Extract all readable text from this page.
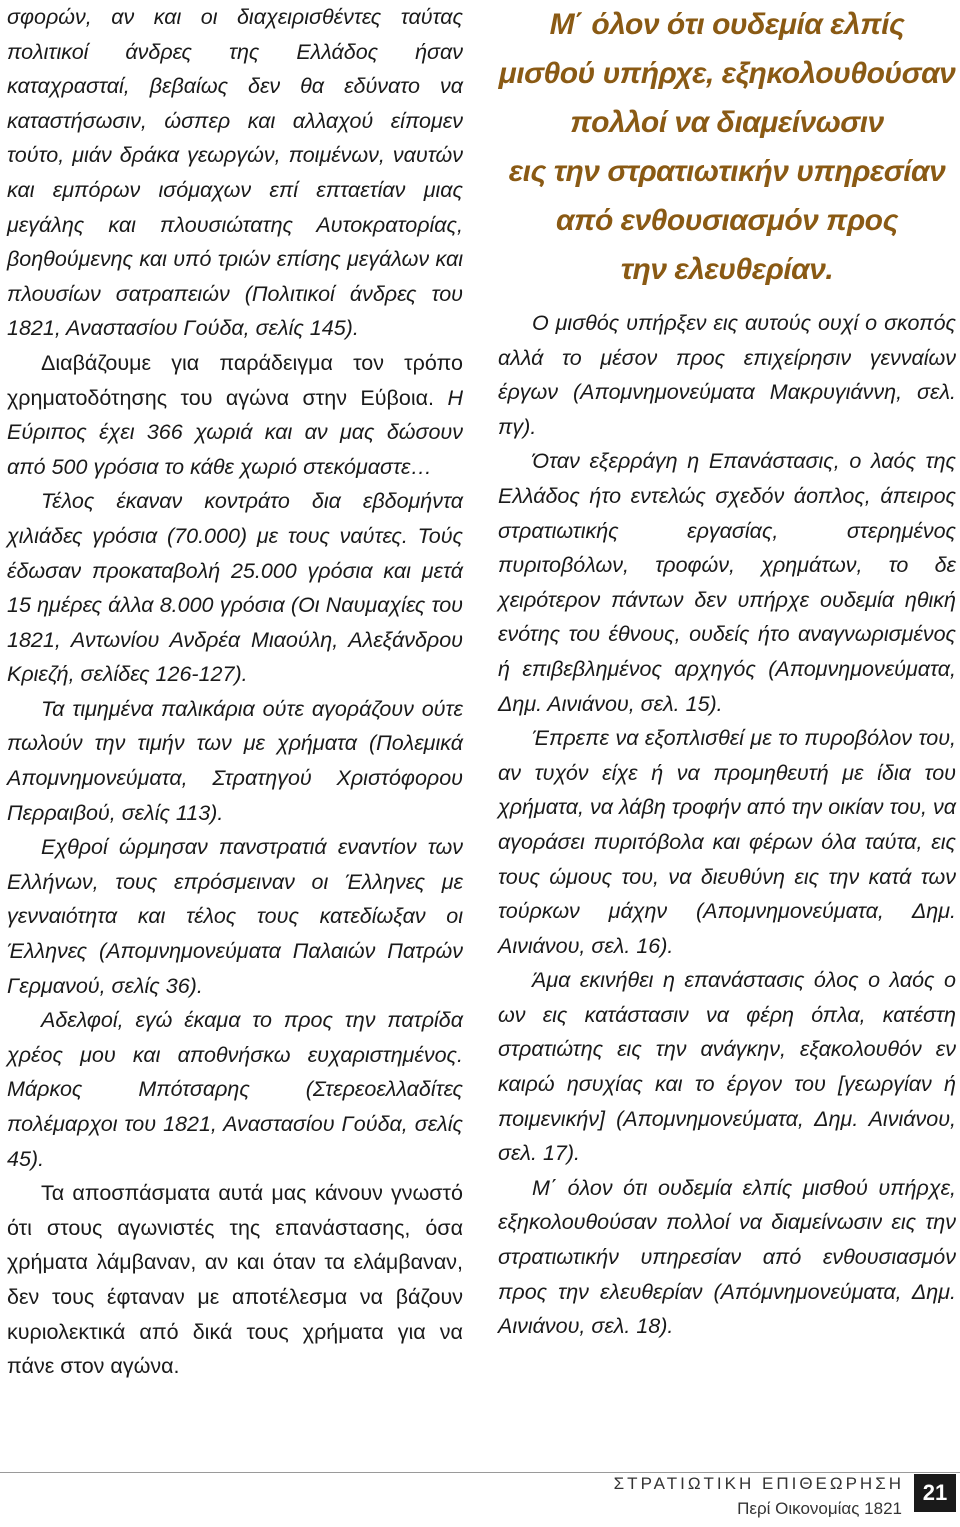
σφορών, αν και οι διαχειρισθέντες ταύτας πολιτικοί άνδρες της Ελλάδος ήσαν καταχρασταί, βεβαίως δεν θα εδύνατο να καταστήσωσιν, ώσπερ και αλλαχού είπομεν τούτο, μιάν δράκα γεωργών, ποιμένων, ναυτών και εμπόρων ισόμαχων επί επταετίαν μιας μεγάλης και πλουσιώτατης Αυτοκρατορίας, βοηθούμενης και υπό τριών επίσης μεγάλων και πλουσίων σατραπειών (Πολιτικοί άνδρες του 1821, Αναστασίου Γούδα, σελίς 145).

Διαβάζουμε για παράδειγμα τον τρόπο χρηματοδότησης του αγώνα στην Εύβοια. Η Εύριπος έχει 366 χωριά και αν μας δώσουν από 500 γρόσια το κάθε χωριό στεκόμαστε…

Τέλος έκαναν κοντράτο δια εβδομήντα χιλιάδες γρόσια (70.000) με τους ναύτες. Τούς έδωσαν προκαταβολή 25.000 γρόσια και μετά 15 ημέρες άλλα 8.000 γρόσια (Οι Ναυμαχίες του 1821, Αντωνίου Ανδρέα Μιαούλη, Αλεξάνδρου Κριεζή, σελίδες 126-127).

Τα τιμημένα παλικάρια ούτε αγοράζουν ούτε πωλούν την τιμήν των με χρήματα (Πολεμικά Απομνημονεύματα, Στρατηγού Χριστόφορου Περραιβού, σελίς 113).

Εχθροί ώρμησαν πανστρατιά εναντίον των Ελλήνων, τους επρόσμειναν οι Έλληνες με γενναιότητα και τέλος τους κατεδίωξαν οι Έλληνες (Απομνημονεύματα Παλαιών Πατρών Γερμανού, σελίς 36).

Αδελφοί, εγώ έκαμα το προς την πατρίδα χρέος μου και αποθνήσκω ευχαριστημένος. Μάρκος Μπότσαρης (Στερεοελλαδίτες πολέμαρχοι του 1821, Αναστασίου Γούδα, σελίς 45).

Τα αποσπάσματα αυτά μας κάνουν γνωστό ότι στους αγωνιστές της επανάστασης, όσα χρήματα λάμβαναν, αν και όταν τα ελάμβαναν, δεν τους έφταναν με αποτέλεσμα να βάζουν κυριολεκτικά από δικά τους χρήματα για να πάνε στον αγώνα.

Μ΄ όλον ότι ουδεμία ελπίς
μισθού υπήρχε, εξηκολουθούσαν
πολλοί να διαμείνωσιν
εις την στρατιωτικήν υπηρεσίαν
από ενθουσιασμόν προς
την ελευθερίαν.

Ο μισθός υπήρξεν εις αυτούς ουχί ο σκοπός αλλά το μέσον προς επιχείρησιν γενναίων έργων (Απομνημονεύματα Μακρυγιάννη, σελ. πγ).

Όταν εξερράγη η Επανάστασις, ο λαός της Ελλάδος ήτο εντελώς σχεδόν άοπλος, άπειρος στρατιωτικής εργασίας, στερημένος πυριτοβόλων, τροφών, χρημάτων, το δε χειρότερον πάντων δεν υπήρχε ουδεμία ηθική ενότης του έθνους, ουδείς ήτο αναγνωρισμένος ή επιβεβλημένος αρχηγός (Απομνημονεύματα, Δημ. Αινιάνου, σελ. 15).

Έπρεπε να εξοπλισθεί με το πυροβόλον του, αν τυχόν είχε ή να προμηθευτή με ίδια του χρήματα, να λάβη τροφήν από την οικίαν του, να αγοράσει πυριτόβολα και φέρων όλα ταύτα, εις τους ώμους του, να διευθύνη εις την κατά των τούρκων μάχην (Απομνημονεύματα, Δημ. Αινιάνου, σελ. 16).

Άμα εκινήθει η επανάστασις όλος ο λαός ο ων εις κατάστασιν να φέρη όπλα, κατέστη στρατιώτης εις την ανάγκην, εξακολουθόν εν καιρώ ησυχίας και το έργον του [γεωργίαν ή ποιμενικήν] (Απομνημονεύματα, Δημ. Αινιάνου, σελ. 17).

Μ΄ όλον ότι ουδεμία ελπίς μισθού υπήρχε, εξηκολουθούσαν πολλοί να διαμείνωσιν εις την στρατιωτικήν υπηρεσίαν από ενθουσιασμόν προς την ελευθερίαν (Απόμνημονεύματα, Δημ. Αινιάνου, σελ. 18).

ΣΤΡΑΤΙΩΤΙΚΗ ΕΠΙΘΕΩΡΗΣΗ
Περί Οικονομίας 1821
21
